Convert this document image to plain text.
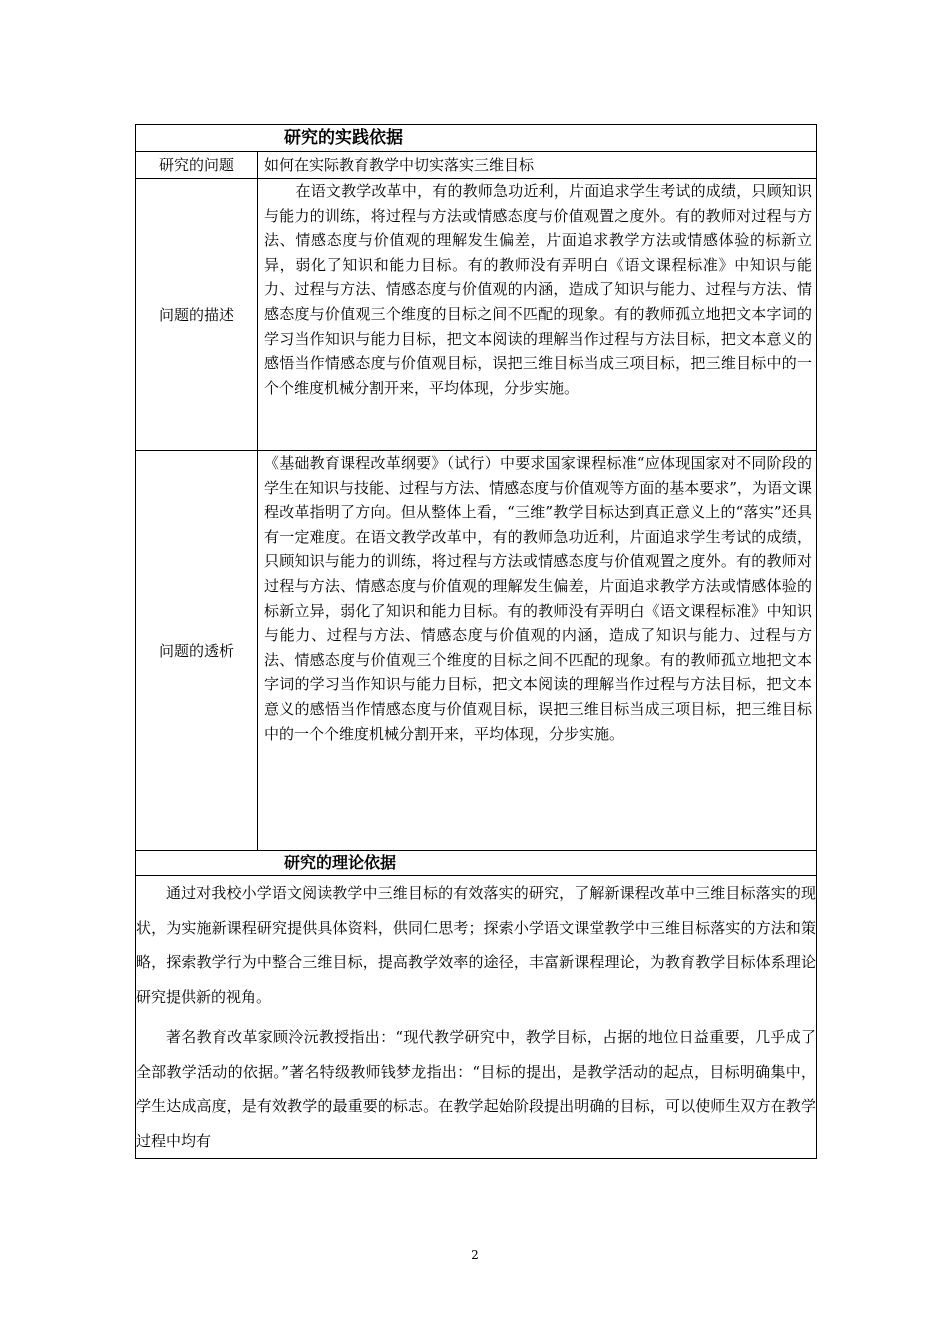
研究的实践依据	

研究的问题	如何在实际教育教学中切实落实三维目标
问题的描述	在语文教学改革中，有的教师急功近利，片面追求学生考试的成绩，只顾知识与能力的训练，将过程与方法或情感态度与价值观置之度外。有的教师对过程与方法、情感态度与价值观的理解发生偏差，片面追求教学方法或情感体验的标新立异，弱化了知识和能力目标。有的教师没有弄明白《语文课程标准》中知识与能力、过程与方法、情感态度与价值观的内涵，造成了知识与能力、过程与方法、情感态度与价值观三个维度的目标之间不匹配的现象。有的教师孤立地把文本字词的学习当作知识与能力目标，把文本阅读的理解当作过程与方法目标，把文本意义的感悟当作情感态度与价值观目标，误把三维目标当成三项目标，把三维目标中的一个个维度机械分割开来，平均体现，分步实施。

问题的透析	《基础教育课程改革纲要》（试行）中要求国家课程标准“应体现国家对不同阶段的学生在知识与技能、过程与方法、情感态度与价值观等方面的基本要求”，为语文课程改革指明了方向。但从整体上看，“三维”教学目标达到真正意义上的“落实”还具有一定难度。在语文教学改革中，有的教师急功近利，片面追求学生考试的成绩，只顾知识与能力的训练，将过程与方法或情感态度与价值观置之度外。有的教师对过程与方法、情感态度与价值观的理解发生偏差，片面追求教学方法或情感体验的标新立异，弱化了知识和能力目标。有的教师没有弄明白《语文课程标准》中知识与能力、过程与方法、情感态度与价值观的内涵，造成了知识与能力、过程与方法、情感态度与价值观三个维度的目标之间不匹配的现象。有的教师孤立地把文本字词的学习当作知识与能力目标，把文本阅读的理解当作过程与方法目标，把文本意义的感悟当作情感态度与价值观目标，误把三维目标当成三项目标，把三维目标中的一个个维度机械分割开来，平均体现，分步实施。

研究的理论依据	

通过对我校小学语文阅读教学中三维目标的有效落实的研究，了解新课程改革中三维目标落实的现状，为实施新课程研究提供具体资料，供同仁思考；探索小学语文课堂教学中三维目标落实的方法和策略，探索教学行为中整合三维目标，提高教学效率的途径，丰富新课程理论，为教育教学目标体系理论研究提供新的视角。

著名教育改革家顾泠沅教授指出：“现代教学研究中，教学目标，占据的地位日益重要，几乎成了全部教学活动的依据。”著名特级教师钱梦龙指出：“目标的提出，是教学活动的起点，目标明确集中，学生达成高度，是有效教学的最重要的标志。在教学起始阶段提出明确的目标，可以使师生双方在教学过程中均有	

2
